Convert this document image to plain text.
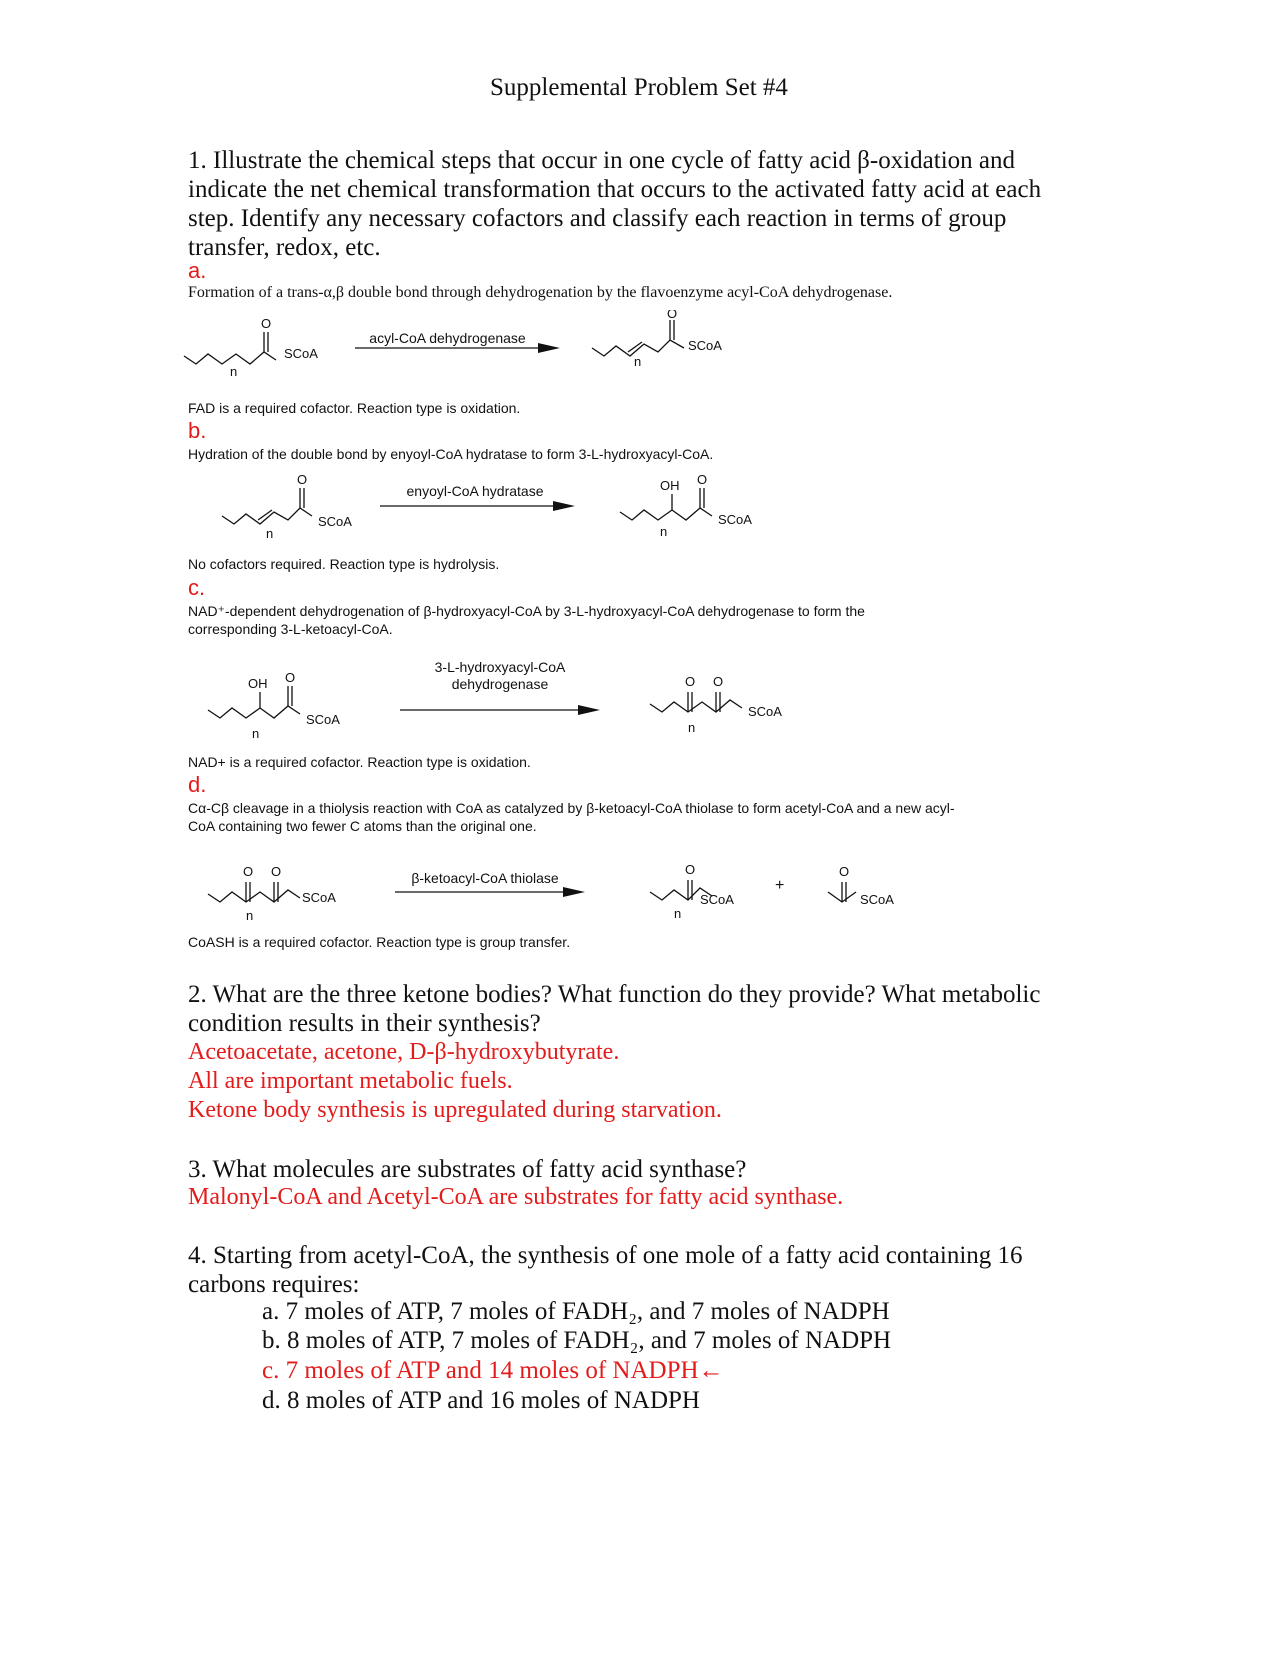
Supplemental Problem Set #4
1. Illustrate the chemical steps that occur in one cycle of fatty acid β-oxidation and indicate the net chemical transformation that occurs to the activated fatty acid at each step. Identify any necessary cofactors and classify each reaction in terms of group transfer, redox, etc.
a.
Formation of a trans-α,β double bond through dehydrogenation by the flavoenzyme acyl-CoA dehydrogenase.
acyl-CoA dehydrogenase
O
SCoA
n
O
SCoA
n
FAD is a required cofactor. Reaction type is oxidation.
b.
Hydration of the double bond by enyoyl-CoA hydratase to form 3-L-hydroxyacyl-CoA.
enyoyl-CoA hydratase
O
SCoA
n
OH O
SCoA
n
No cofactors required. Reaction type is hydrolysis.
c.
NAD⁺-dependent dehydrogenation of β-hydroxyacyl-CoA by 3-L-hydroxyacyl-CoA dehydrogenase to form the corresponding 3-L-ketoacyl-CoA.
3-L-hydroxyacyl-CoA
dehydrogenase
OH O
SCoA
n
O O
SCoA
n
NAD+ is a required cofactor. Reaction type is oxidation.
d.
Cα-Cβ cleavage in a thiolysis reaction with CoA as catalyzed by β-ketoacyl-CoA thiolase to form acetyl-CoA and a new acyl-CoA containing two fewer C atoms than the original one.
β-ketoacyl-CoA thiolase
O O
SCoA
n
O
SCoA
n
+
O
SCoA
CoASH is a required cofactor. Reaction type is group transfer.
2. What are the three ketone bodies? What function do they provide? What metabolic condition results in their synthesis?
Acetoacetate, acetone, D-β-hydroxybutyrate.
All are important metabolic fuels.
Ketone body synthesis is upregulated during starvation.
3. What molecules are substrates of fatty acid synthase?
Malonyl-CoA and Acetyl-CoA are substrates for fatty acid synthase.
4. Starting from acetyl-CoA, the synthesis of one mole of a fatty acid containing 16 carbons requires:
a. 7 moles of ATP, 7 moles of FADH₂, and 7 moles of NADPH
b. 8 moles of ATP, 7 moles of FADH₂, and 7 moles of NADPH
c. 7 moles of ATP and 14 moles of NADPH←
d. 8 moles of ATP and 16 moles of NADPH
